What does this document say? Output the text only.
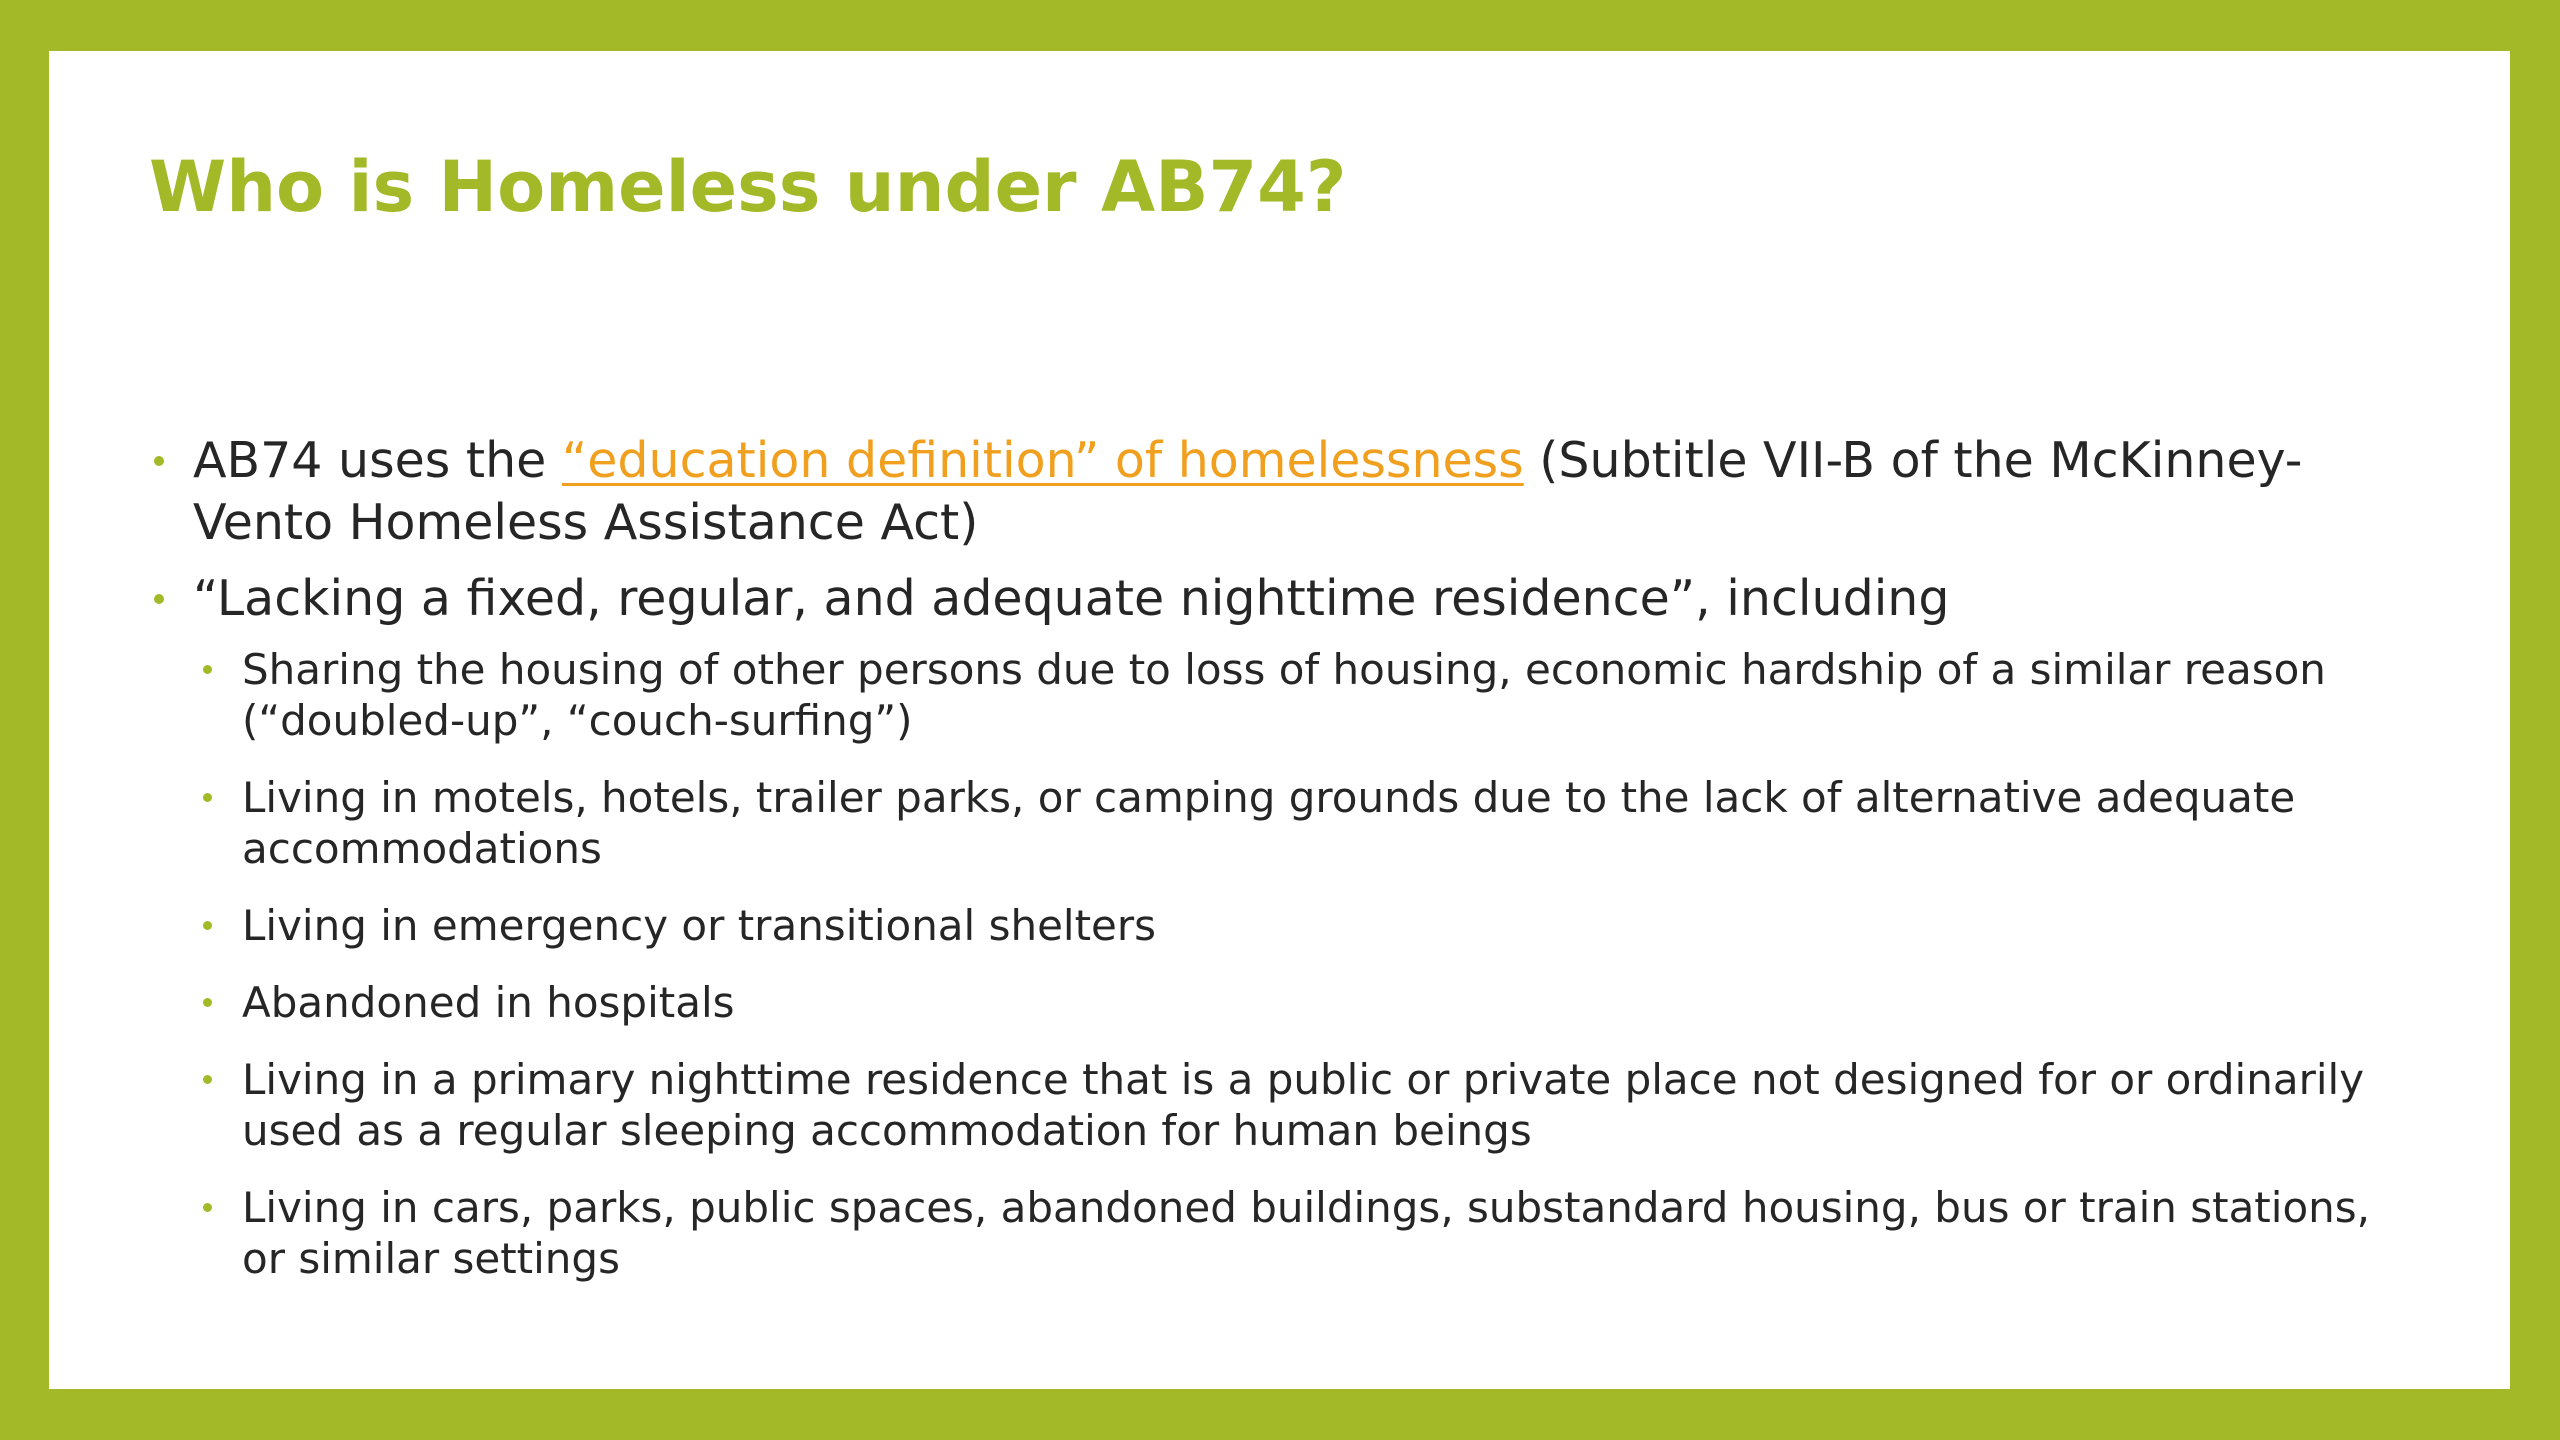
Who is Homeless under AB74?
AB74 uses the “education definition” of homelessness (Subtitle VII-B of the McKinney-Vento Homeless Assistance Act)
“Lacking a fixed, regular, and adequate nighttime residence”, including
Sharing the housing of other persons due to loss of housing, economic hardship of a similar reason (“doubled-up”, “couch-surfing”)
Living in motels, hotels, trailer parks, or camping grounds due to the lack of alternative adequate accommodations
Living in emergency or transitional shelters
Abandoned in hospitals
Living in a primary nighttime residence that is a public or private place not designed for or ordinarily used as a regular sleeping accommodation for human beings
Living in cars, parks, public spaces, abandoned buildings, substandard housing, bus or train stations, or similar settings
